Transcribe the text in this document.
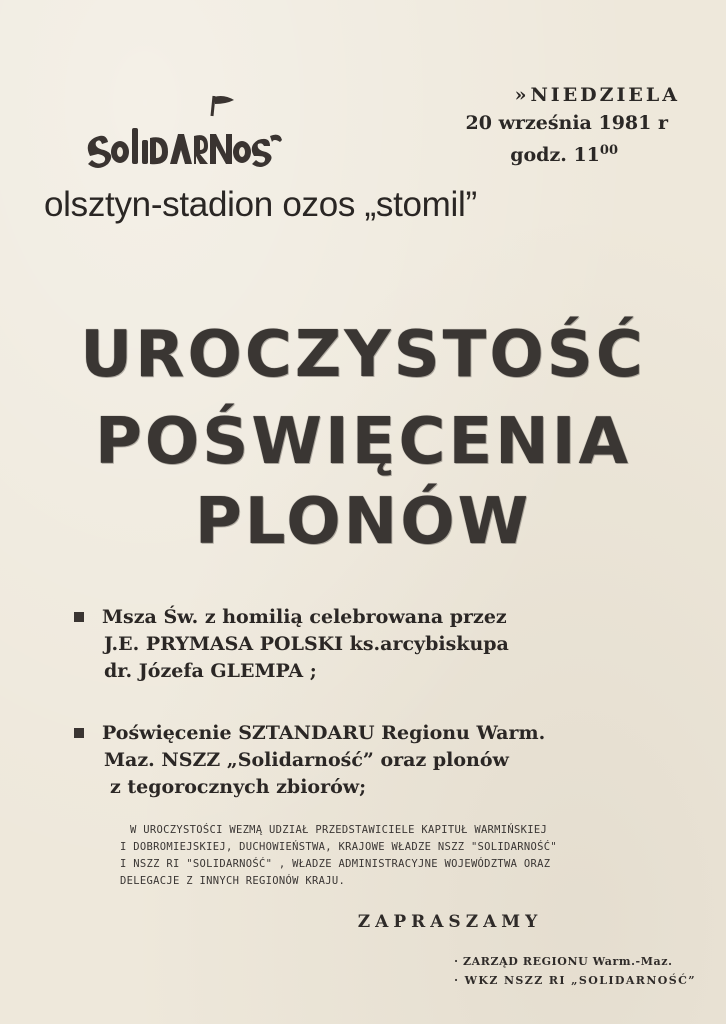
» NIEDZIELA
20 września 1981 r
godz. $11^{00}$
olsztyn-stadion ozos „stomil”
UROCZYSTOŚĆ
POŚWIĘCENIA
PLONÓW
Msza Św. z homilią celebrowana przez
J.E. PRYMASA POLSKI ks.arcybiskupa
dr. Józefa GLEMPA ;
Poświęcenie SZTANDARU Regionu Warm.
Maz. NSZZ „Solidarność” oraz plonów
z tegorocznych zbiorów;
W UROCZYSTOŚCI WEZMĄ UDZIAŁ PRZEDSTAWICIELE KAPITUŁ WARMIŃSKIEJ
I DOBROMIEJSKIEJ, DUCHOWIEŃSTWA, KRAJOWE WŁADZE NSZZ "SOLIDARNOŚĆ"
I NSZZ RI "SOLIDARNOŚĆ" , WŁADZE ADMINISTRACYJNE WOJEWÓDZTWA ORAZ
DELEGACJE Z INNYCH REGIONÓW KRAJU.
ZAPRASZAMY
· ZARZĄD REGIONU Warm.-Maz.
· WKZ NSZZ RI „SOLIDARNOŚĆ”
